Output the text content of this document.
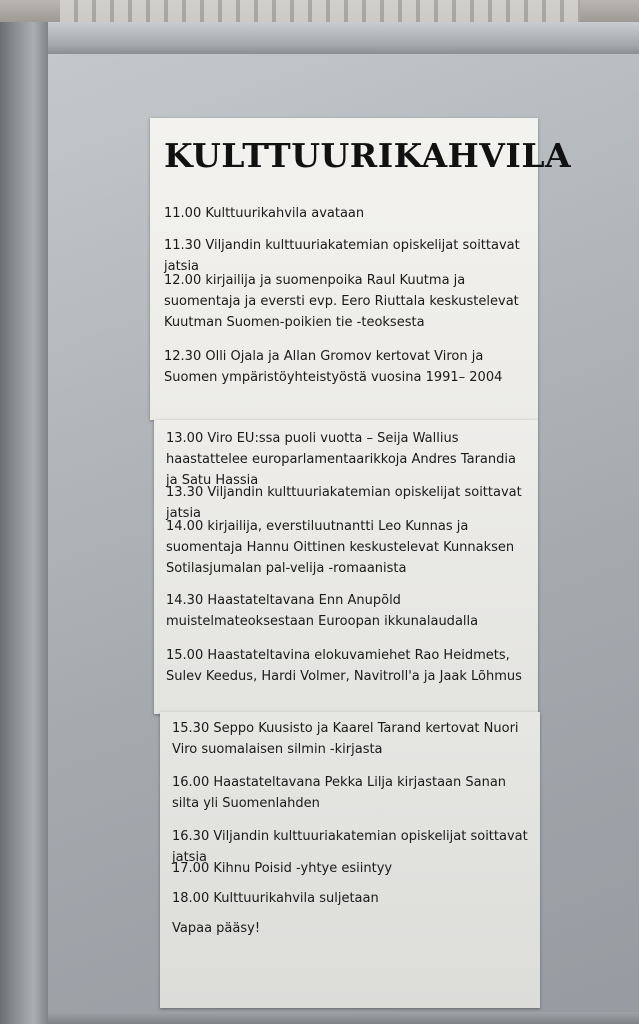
KULTTUURIKAHVILA
11.00 Kulttuurikahvila avataan
11.30 Viljandin kulttuuriakatemian opiskelijat soittavat jatsia
12.00 kirjailija ja suomenpoika Raul Kuutma ja suomentaja ja eversti evp. Eero Riuttala keskustelevat Kuutman Suomen-poikien tie -teoksesta
12.30 Olli Ojala ja Allan Gromov kertovat Viron ja Suomen ympäristöyhteistyöstä vuosina 1991– 2004
13.00 Viro EU:ssa puoli vuotta – Seija Wallius haastattelee europarlamentaarikkoja Andres Tarandia ja Satu Hassia
13.30 Viljandin kulttuuriakatemian opiskelijat soittavat jatsia
14.00 kirjailija, everstiluutnantti Leo Kunnas ja suomentaja Hannu Oittinen keskustelevat Kunnaksen Sotilasjumalan pal-velija -romaanista
14.30 Haastateltavana Enn Anupõld muistelmateoksestaan Euroopan ikkunalaudalla
15.00 Haastateltavina elokuvamiehet Rao Heidmets, Sulev Keedus, Hardi Volmer, Navitroll'a ja Jaak Lõhmus
15.30 Seppo Kuusisto ja Kaarel Tarand kertovat Nuori Viro suomalaisen silmin -kirjasta
16.00 Haastateltavana Pekka Lilja kirjastaan Sanan silta yli Suomenlahden
16.30 Viljandin kulttuuriakatemian opiskelijat soittavat jatsia
17.00 Kihnu Poisid -yhtye esiintyy
18.00 Kulttuurikahvila suljetaan
Vapaa pääsy!
